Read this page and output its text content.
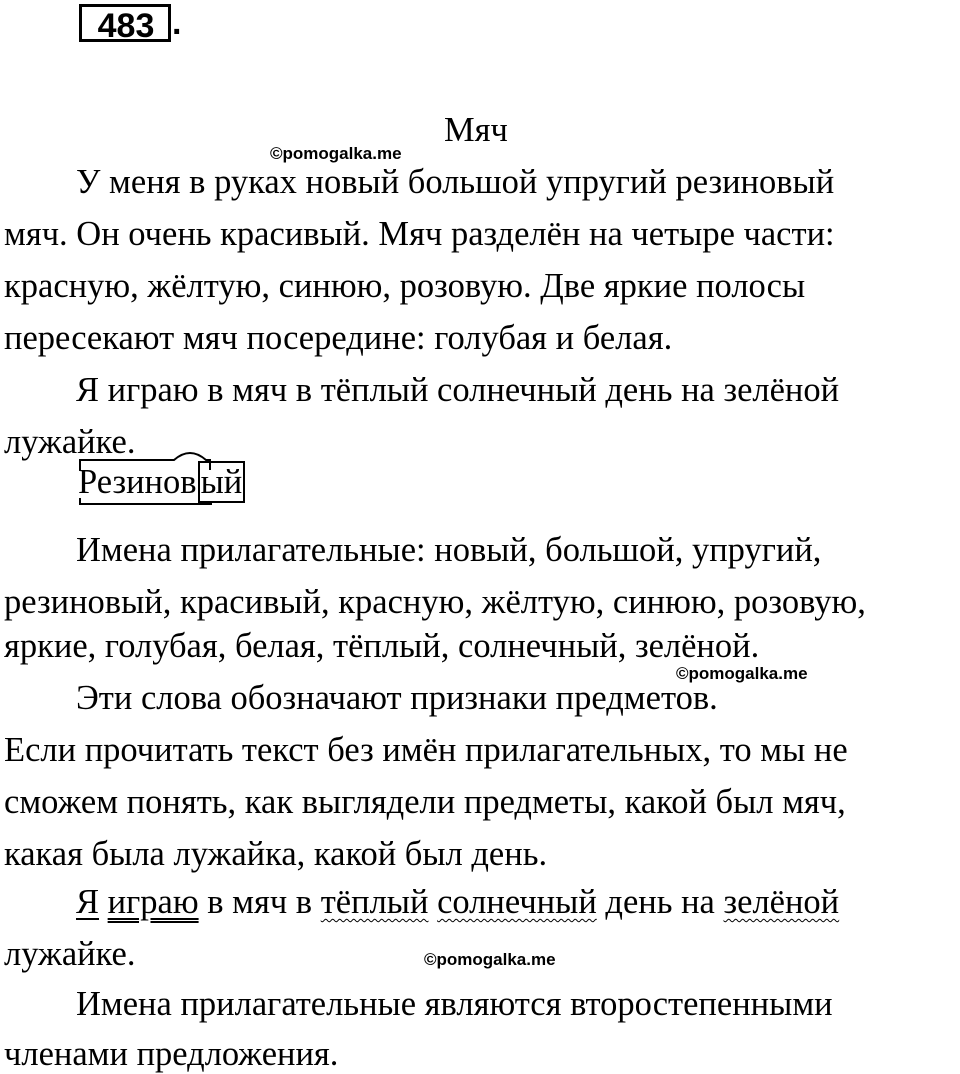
483 .
Мяч
©pomogalka.me
У меня в руках новый большой упругий резиновый
мяч. Он очень красивый. Мяч разделён на четыре части:
красную, жёлтую, синюю, розовую. Две яркие полосы
пересекают мяч посередине: голубая и белая.
Я играю в мяч в тёплый солнечный день на зелёной
лужайке.
Резинов ый
Имена прилагательные: новый, большой, упругий,
резиновый, красивый, красную, жёлтую, синюю, розовую,
яркие, голубая, белая, тёплый, солнечный, зелёной.
©pomogalka.me
Эти слова обозначают признаки предметов.
Если прочитать текст без имён прилагательных, то мы не
сможем понять, как выглядели предметы, какой был мяч,
какая была лужайка, какой был день.
Я играю в мяч в тёплый солнечный день на зелёной
лужайке.	©pomogalka.me
Имена прилагательные являются второстепенными
членами предложения.
